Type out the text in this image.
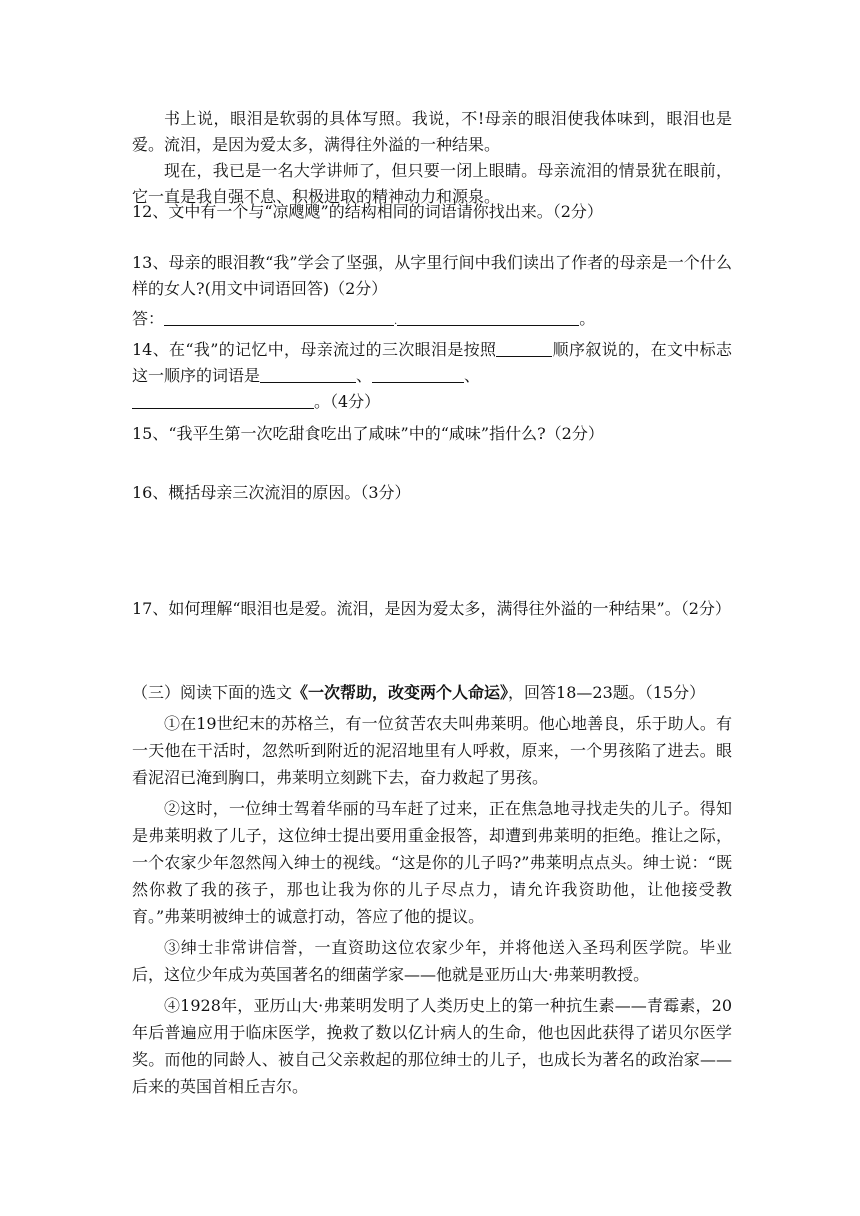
书上说，眼泪是软弱的具体写照。我说，不!母亲的眼泪使我体味到，眼泪也是爱。流泪，是因为爱太多，满得往外溢的一种结果。

现在，我已是一名大学讲师了，但只要一闭上眼睛。母亲流泪的情景犹在眼前，它一直是我自强不息、积极进取的精神动力和源泉。

12、文中有一个与“凉飕飕”的结构相同的词语请你找出来。（2分）

13、母亲的眼泪教“我”学会了坚强，从字里行间中我们读出了作者的母亲是一个什么样的女人?(用文中词语回答)（2分）

答：	.	。

14、在“我”的记忆中，母亲流过的三次眼泪是按照	顺序叙说的，在文中标志这一顺序的词语是	、	、

。（4分）

15、“我平生第一次吃甜食吃出了咸味”中的“咸味”指什么?（2分）

16、概括母亲三次流泪的原因。（3分）

17、如何理解“眼泪也是爱。流泪，是因为爱太多，满得往外溢的一种结果”。（2分）

（三）阅读下面的选文《一次帮助，改变两个人命运》，回答18—23题。（15分）

①在19世纪末的苏格兰，有一位贫苦农夫叫弗莱明。他心地善良，乐于助人。有一天他在干活时，忽然听到附近的泥沼地里有人呼救，原来，一个男孩陷了进去。眼看泥沼已淹到胸口，弗莱明立刻跳下去，奋力救起了男孩。

②这时，一位绅士驾着华丽的马车赶了过来，正在焦急地寻找走失的儿子。得知是弗莱明救了儿子，这位绅士提出要用重金报答，却遭到弗莱明的拒绝。推让之际，一个农家少年忽然闯入绅士的视线。“这是你的儿子吗?”弗莱明点点头。绅士说：“既然你救了我的孩子，那也让我为你的儿子尽点力，请允许我资助他，让他接受教育。”弗莱明被绅士的诚意打动，答应了他的提议。

③绅士非常讲信誉，一直资助这位农家少年，并将他送入圣玛利医学院。毕业后，这位少年成为英国著名的细菌学家——他就是亚历山大·弗莱明教授。

④1928年，亚历山大·弗莱明发明了人类历史上的第一种抗生素——青霉素，20年后普遍应用于临床医学，挽救了数以亿计病人的生命，他也因此获得了诺贝尔医学奖。而他的同龄人、被自己父亲救起的那位绅士的儿子，也成长为著名的政治家——后来的英国首相丘吉尔。
